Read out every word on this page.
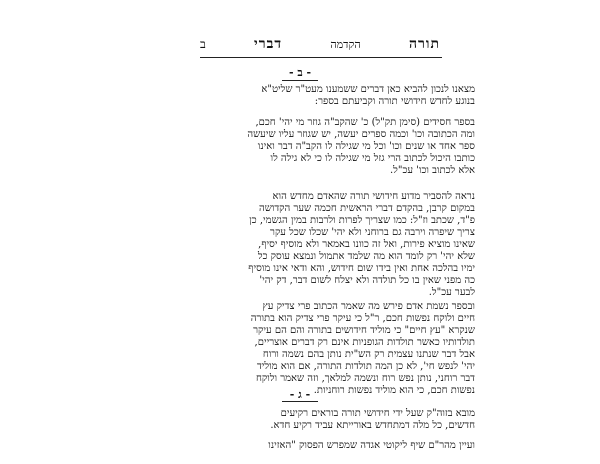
ב	דברי	הקדמה	תורה
- ב -
מצאנו לנכון להביא כאן דברים ששמענו מעט"ר שליט"א
בנוגע לחדש חידושי תורה וקביעתם בספר:
בספר חסידים (סימן תק"ל) כ' שהקב"ה גוזר מי יהי' חכם,
ומה הכתובה וכו' וכמה ספרים יעשה, יש שגוזר עליו שיעשה
ספר אחד או שנים וכו' וכל מי שגילה לו הקב"ה דבר ואינו
כותבו היכול לכתוב הרי גזל מי שגילה לו כי לא גילה לו
אלא לכתוב וכו' עכ"ל.
נראה להסביר מדוע חידושי תורה שהאדם מחדש הוא
במקום קרבן, בהקדם דברי הראשית חכמה שער הקדושה
פ"ד, שכתב וז"ל: כמו שצריך לפרות ולרבות במין הגשמי, כן
צריך שיפרה וירבה גם ברוחני ולא יהי' שכלו שכל עקר
שאינו מוציא פירות, ואל זה כוונו באמאר ולא מוסיף יסיף,
שלא יהי' רק לומד הוא מה שלמד אתמול ונמצא עוסק כל
ימיו בהלכה אחת ואין בידו שום חידוש, והא ודאי אינו מוסיף
כה מפני שאין בו כל תולדה ולא יצלח לשום דבר, דק יהי'
לבער עכ"ל.
ובספר נשמת אדם פירש מה שאמר הכתוב פרי צדיק עץ
חיים ולוקח נפשות חכם, ר"ל כי עיקר פרי צדיק הוא בתורה
שנקרא "עץ חיים" כי מוליד חידושים בתורה והם הם עיקר
תולדותיו כאשר תולדות הגופניות אינם רק דברים אוצריים,
אבל דבר שנתנו עצמית רק הש"ית נותן בהם נשמה ורוח
יהי' לנפש חי', לא כן המה תולדות התורה, אם הוא מוליד
דבר רוחני, נותן נפש רוח ונשמה למלאך, וזה שאמר ולוקח
נפשות חכם, כי הוא מוליד נפשות רוחניות.
- ג -
מובא בזוה"ק שעל ידי חידושי תורה בוראים רקיעים
חדשים, כל מלה דמתחדש באורייתא עביד רקיע חדא.
ועיין מהר"ם שיף ליקוטי אגדה שמפרש הפסוק "האזינו
